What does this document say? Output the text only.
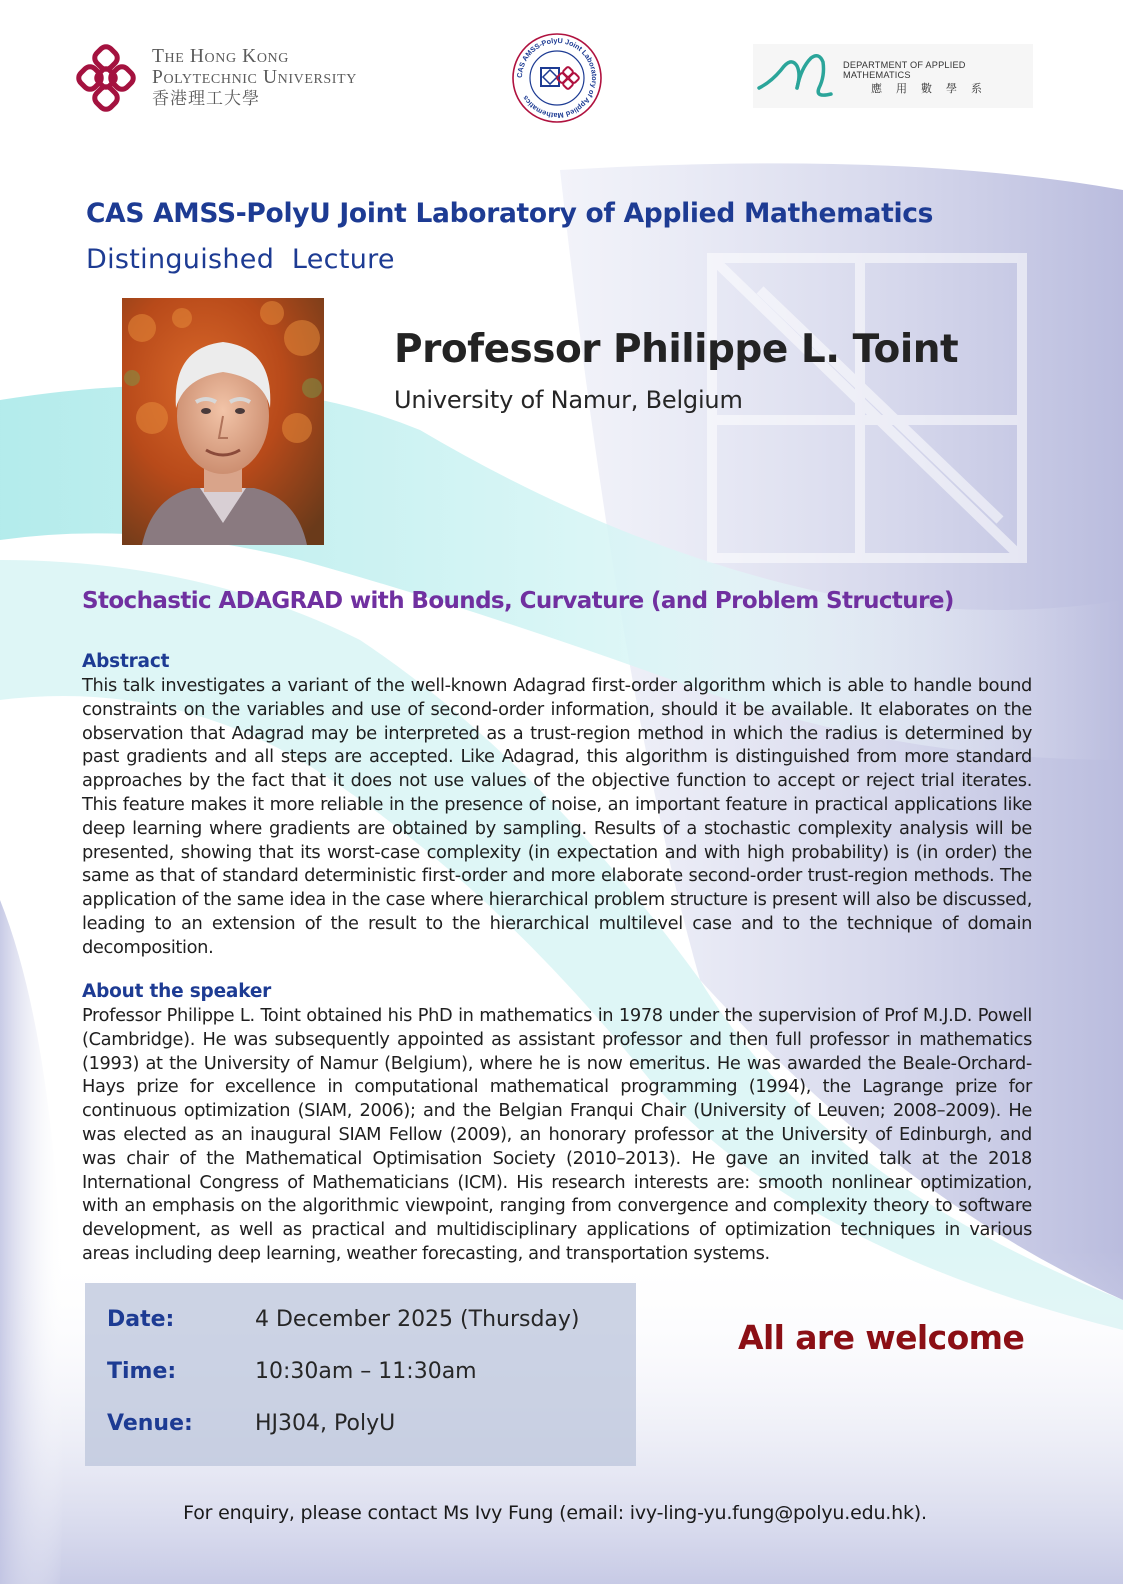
The Hong Kong
Polytechnic University
香港理工大學
CAS AMSS-PolyU Joint Laboratory of Applied Mathematics
DEPARTMENT OF APPLIED MATHEMATICS
應用數學系
CAS AMSS-PolyU Joint Laboratory of Applied Mathematics
Distinguished  Lecture
Professor Philippe L. Toint
University of Namur, Belgium
Stochastic ADAGRAD with Bounds, Curvature (and Problem Structure)
Abstract
This talk investigates a variant of the well-known Adagrad first-order algorithm which is able to handle bound constraints on the variables and use of second-order information, should it be available. It elaborates on the observation that Adagrad may be interpreted as a trust-region method in which the radius is determined by past gradients and all steps are accepted. Like Adagrad, this algorithm is distinguished from more standard approaches by the fact that it does not use values of the objective function to accept or reject trial iterates. This feature makes it more reliable in the presence of noise, an important feature in practical applications like deep learning where gradients are obtained by sampling. Results of a stochastic complexity analysis will be presented, showing that its worst-case complexity (in expectation and with high probability) is (in order) the same as that of standard deterministic first-order and more elaborate second-order trust-region methods. The application of the same idea in the case where hierarchical problem structure is present will also be discussed, leading to an extension of the result to the hierarchical multilevel case and to the technique of domain decomposition.
About the speaker
Professor Philippe L. Toint obtained his PhD in mathematics in 1978 under the supervision of Prof M.J.D. Powell (Cambridge). He was subsequently appointed as assistant professor and then full professor in mathematics (1993) at the University of Namur (Belgium), where he is now emeritus. He was awarded the Beale-Orchard-Hays prize for excellence in computational mathematical programming (1994), the Lagrange prize for continuous optimization (SIAM, 2006); and the Belgian Franqui Chair (University of Leuven; 2008–2009). He was elected as an inaugural SIAM Fellow (2009), an honorary professor at the University of Edinburgh, and was chair of the Mathematical Optimisation Society (2010–2013). He gave an invited talk at the 2018 International Congress of Mathematicians (ICM). His research interests are: smooth nonlinear optimization, with an emphasis on the algorithmic viewpoint, ranging from convergence and complexity theory to software development, as well as practical and multidisciplinary applications of optimization techniques in various areas including deep learning, weather forecasting, and transportation systems.
Date:	4 December 2025 (Thursday)
Time:	10:30am – 11:30am
Venue:	HJ304, PolyU
All are welcome
For enquiry, please contact Ms Ivy Fung (email: ivy-ling-yu.fung@polyu.edu.hk).
